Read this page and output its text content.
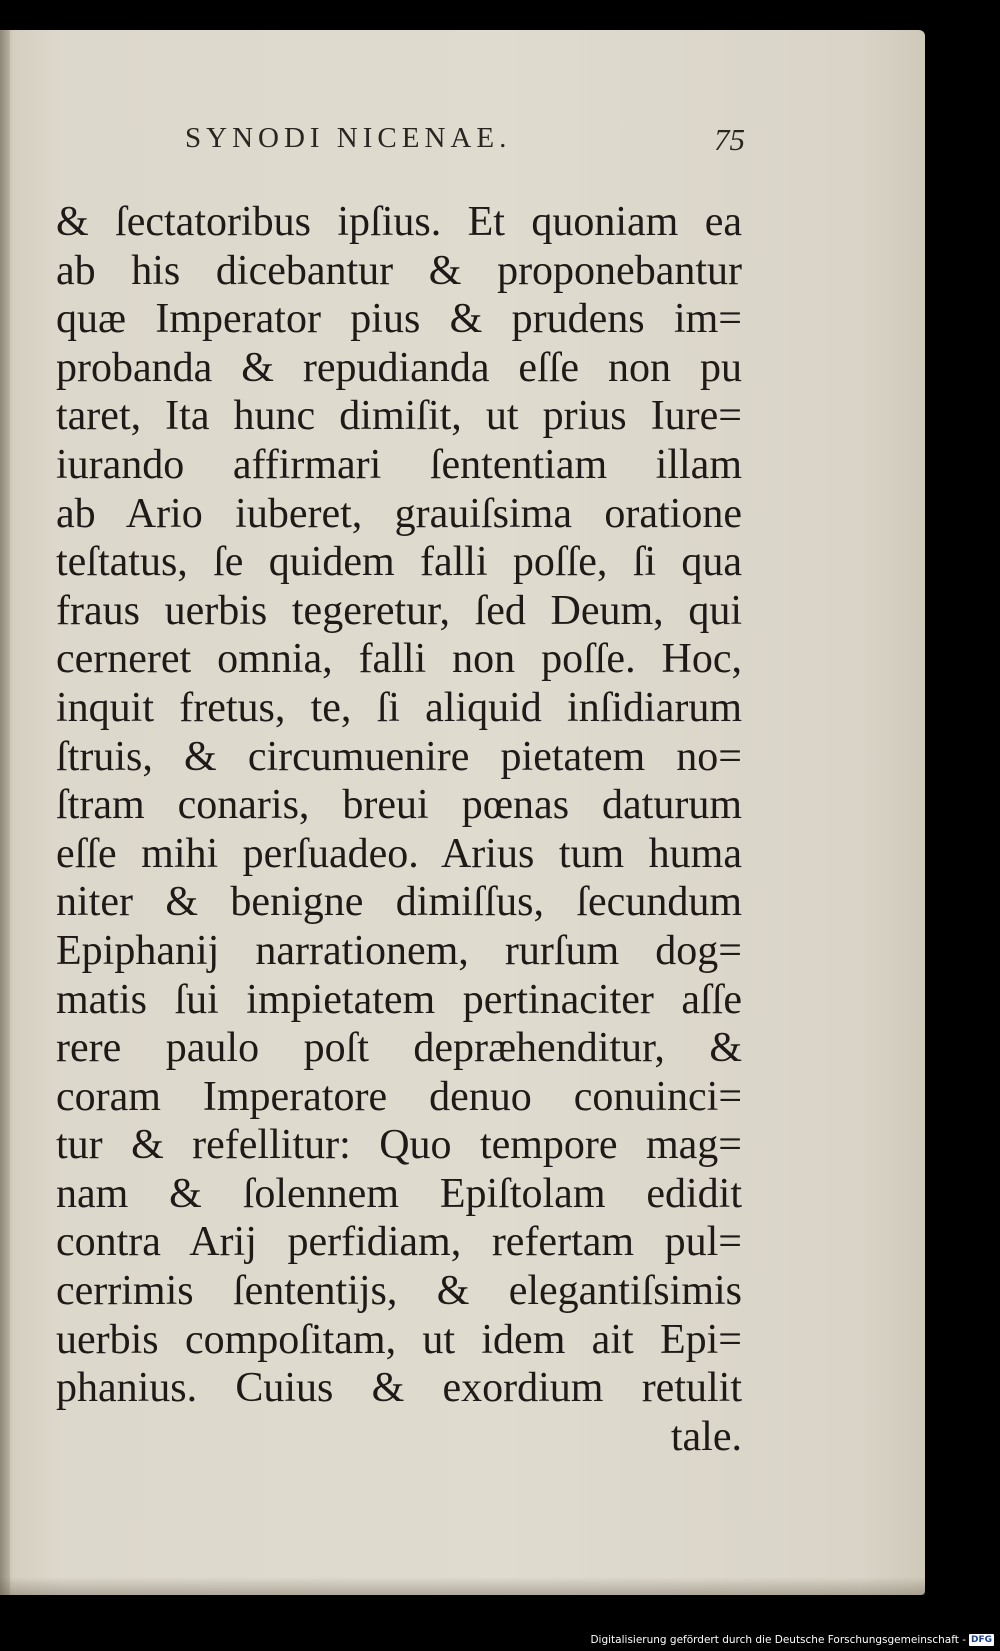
SYNODI NICENAE.	75
& ſectatoribus ipſius. Et quoniam ea
ab his dicebantur & proponebantur
quæ Imperator pius & prudens im=
probanda & repudianda eſſe non pu
taret, Ita hunc dimiſit, ut prius Iure=
iurando affirmari ſententiam illam
ab Ario iuberet, grauiſsima oratione
teſtatus, ſe quidem falli poſſe, ſi qua
fraus uerbis tegeretur, ſed Deum, qui
cerneret omnia, falli non poſſe. Hoc,
inquit fretus, te, ſi aliquid inſidiarum
ſtruis, & circumuenire pietatem no=
ſtram conaris, breui pœnas daturum
eſſe mihi perſuadeo. Arius tum huma
niter & benigne dimiſſus, ſecundum
Epiphanij narrationem, rurſum dog=
matis ſui impietatem pertinaciter aſſe
rere paulo poſt depræhenditur, &
coram Imperatore denuo conuinci=
tur & refellitur: Quo tempore mag=
nam & ſolennem Epiſtolam edidit
contra Arij perfidiam, refertam pul=
cerrimis ſententijs, & elegantiſsimis
uerbis compoſitam, ut idem ait Epi=
phanius. Cuius & exordium retulit
tale.
Digitalisierung gefördert durch die Deutsche Forschungsgemeinschaft - DFG
